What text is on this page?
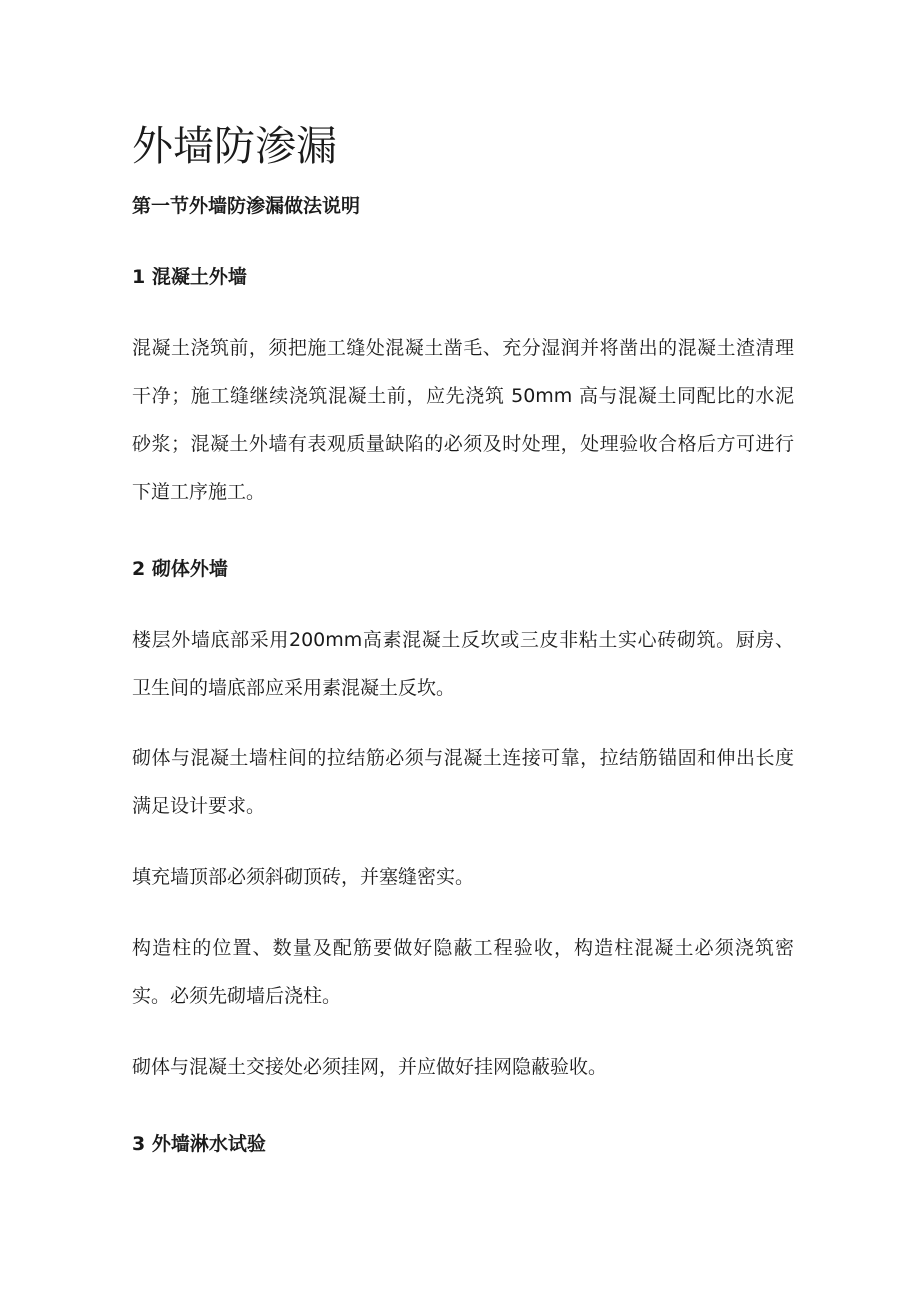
外墙防渗漏
第一节外墙防渗漏做法说明
1 混凝土外墙

混凝土浇筑前，须把施工缝处混凝土凿毛、充分湿润并将凿出的混凝土渣清理干净；施工缝继续浇筑混凝土前，应先浇筑 50mm 高与混凝土同配比的水泥砂浆；混凝土外墙有表观质量缺陷的必须及时处理，处理验收合格后方可进行下道工序施工。

2 砌体外墙

楼层外墙底部采用200mm高素混凝土反坎或三皮非粘土实心砖砌筑。厨房、卫生间的墙底部应采用素混凝土反坎。

砌体与混凝土墙柱间的拉结筋必须与混凝土连接可靠，拉结筋锚固和伸出长度满足设计要求。

填充墙顶部必须斜砌顶砖，并塞缝密实。

构造柱的位置、数量及配筋要做好隐蔽工程验收，构造柱混凝土必须浇筑密实。必须先砌墙后浇柱。

砌体与混凝土交接处必须挂网，并应做好挂网隐蔽验收。

3 外墙淋水试验
